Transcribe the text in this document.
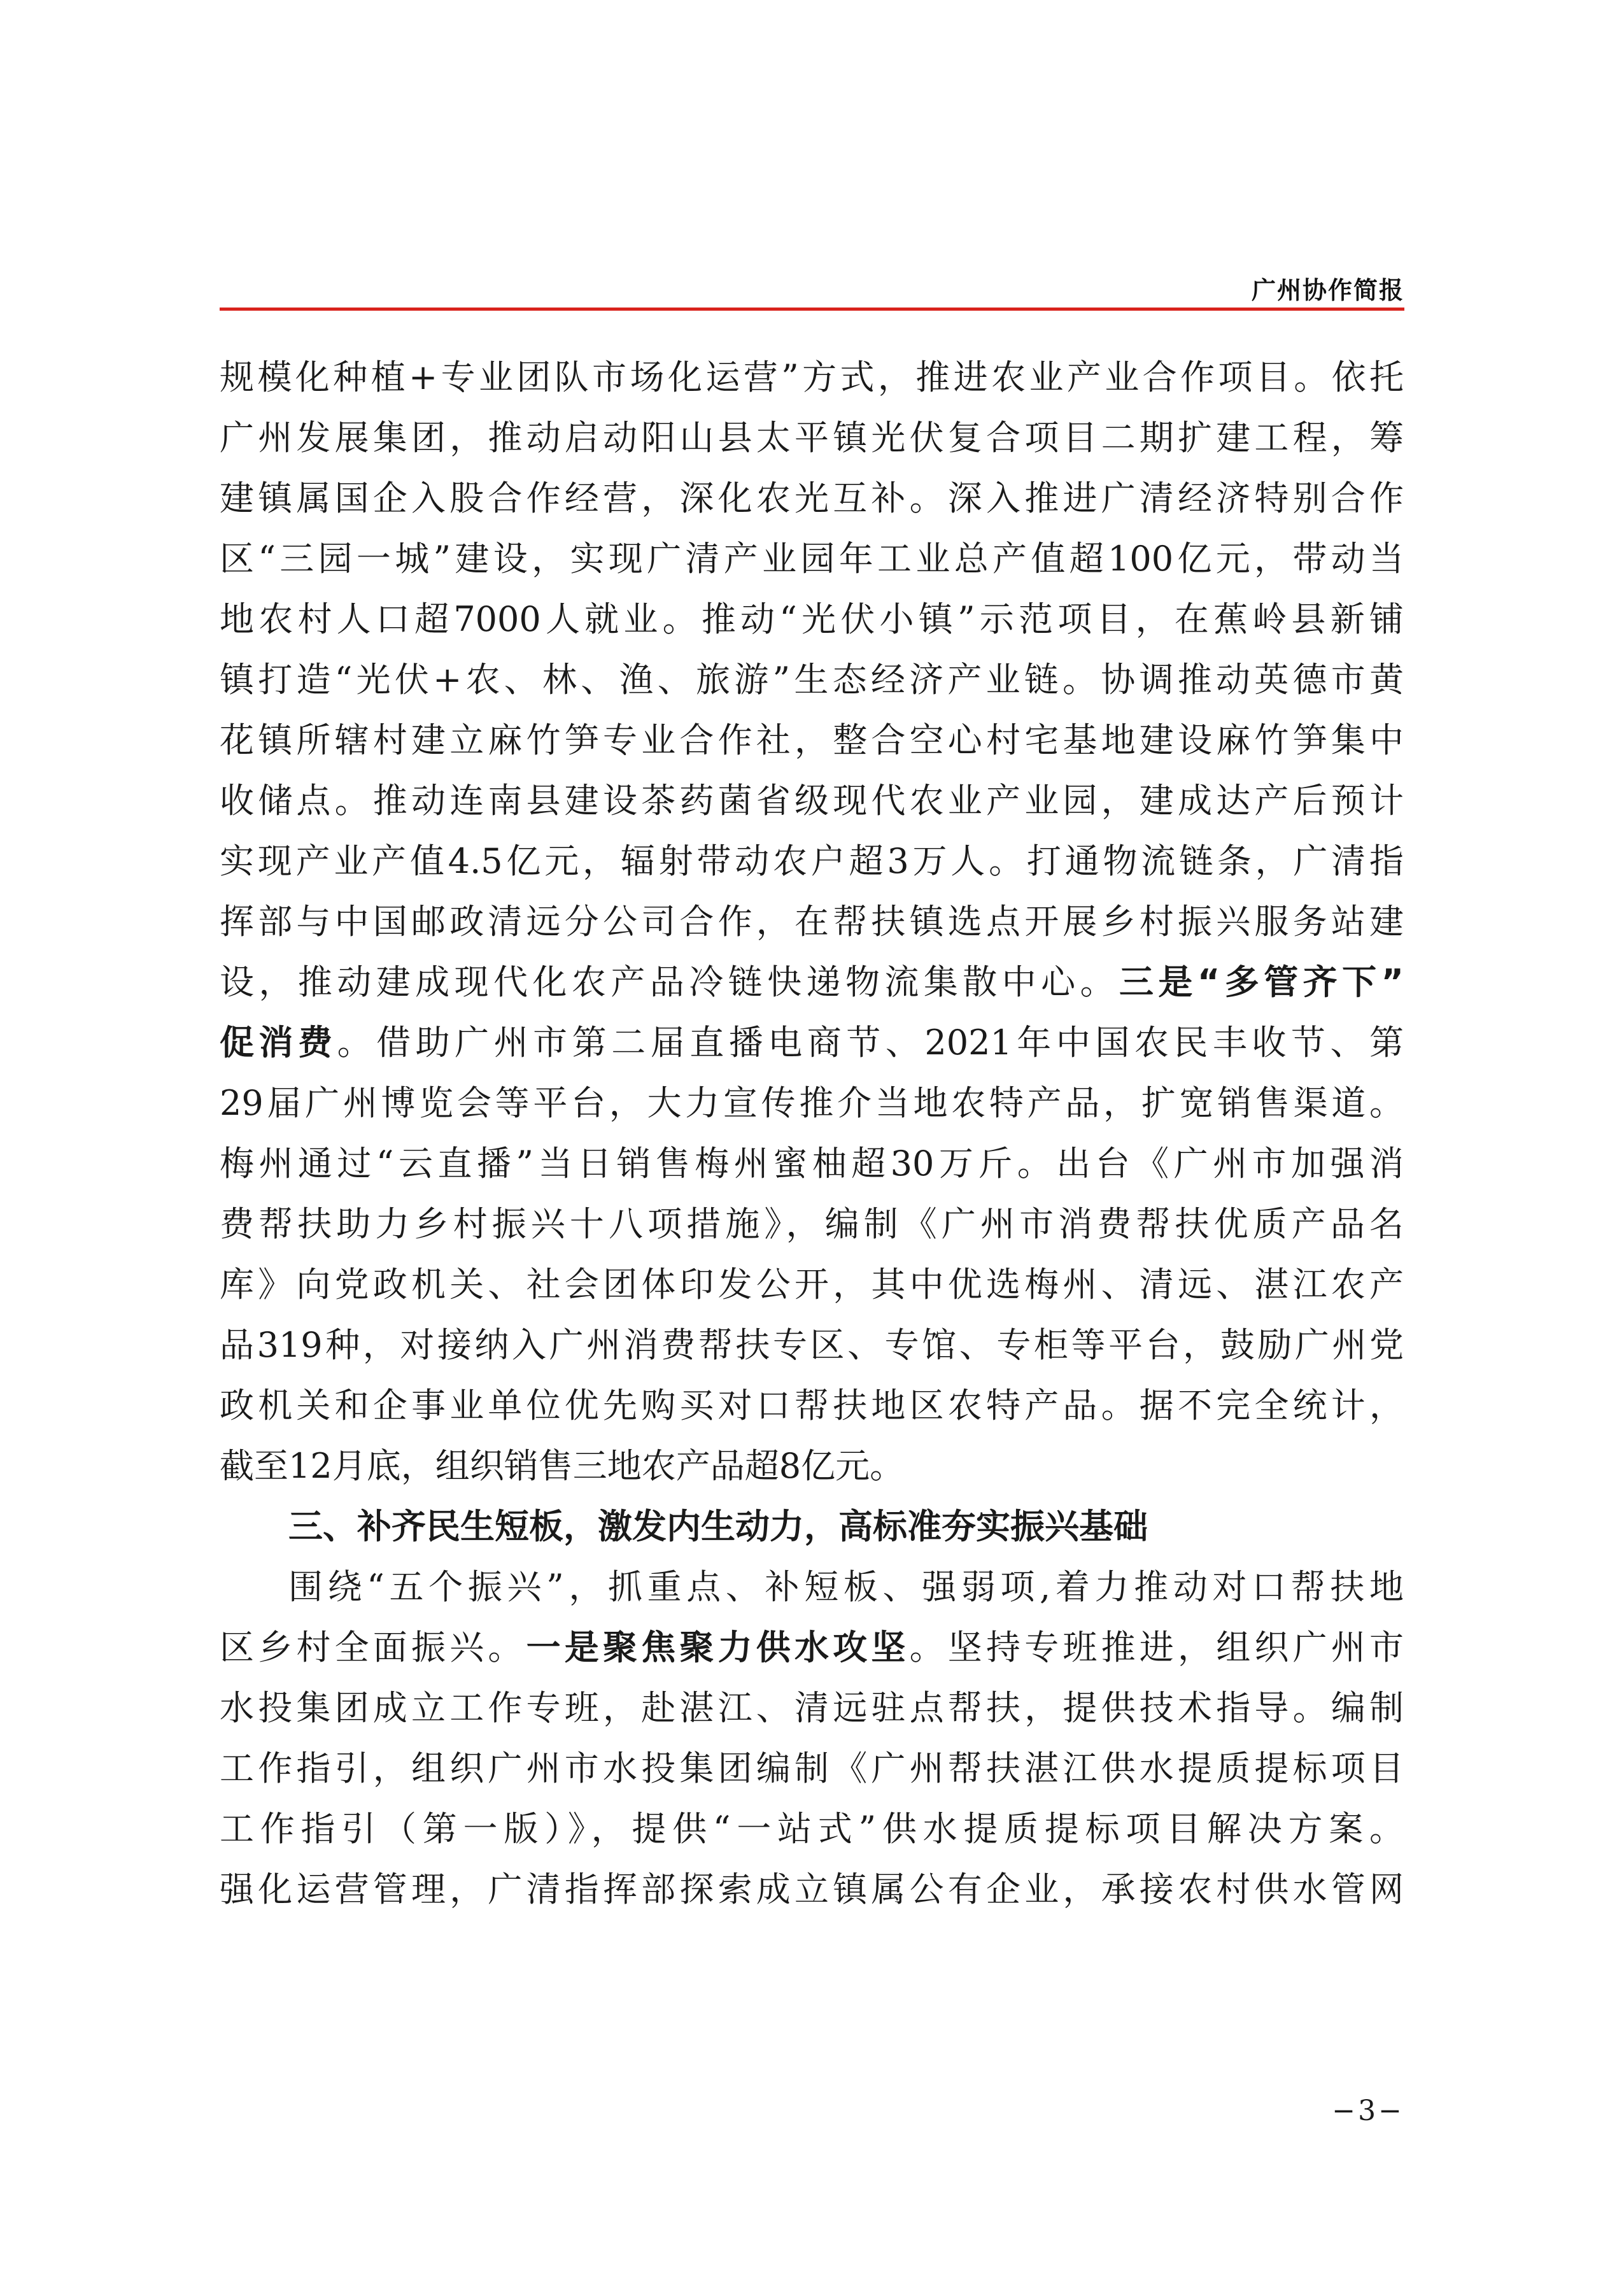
广州协作简报
规模化种植+专业团队市场化运营”方式，推进农业产业合作项目。依托
广州发展集团，推动启动阳山县太平镇光伏复合项目二期扩建工程，筹
建镇属国企入股合作经营，深化农光互补。深入推进广清经济特别合作
区“三园一城”建设，实现广清产业园年工业总产值超100亿元，带动当
地农村人口超7000人就业。推动“光伏小镇”示范项目，在蕉岭县新铺
镇打造“光伏+农、林、渔、旅游”生态经济产业链。协调推动英德市黄
花镇所辖村建立麻竹笋专业合作社，整合空心村宅基地建设麻竹笋集中
收储点。推动连南县建设茶药菌省级现代农业产业园，建成达产后预计
实现产业产值4.5亿元，辐射带动农户超3万人。打通物流链条，广清指
挥部与中国邮政清远分公司合作，在帮扶镇选点开展乡村振兴服务站建
设，推动建成现代化农产品冷链快递物流集散中心。三是“多管齐下”
促消费。借助广州市第二届直播电商节、2021年中国农民丰收节、第
29届广州博览会等平台，大力宣传推介当地农特产品，扩宽销售渠道。
梅州通过“云直播”当日销售梅州蜜柚超30万斤。出台《广州市加强消
费帮扶助力乡村振兴十八项措施》，编制《广州市消费帮扶优质产品名
库》向党政机关、社会团体印发公开，其中优选梅州、清远、湛江农产
品319种，对接纳入广州消费帮扶专区、专馆、专柜等平台，鼓励广州党
政机关和企事业单位优先购买对口帮扶地区农特产品。据不完全统计，
截至12月底，组织销售三地农产品超8亿元。
三、补齐民生短板，激发内生动力，高标准夯实振兴基础
围绕“五个振兴”，抓重点、补短板、强弱项,着力推动对口帮扶地
区乡村全面振兴。一是聚焦聚力供水攻坚。坚持专班推进，组织广州市
水投集团成立工作专班，赴湛江、清远驻点帮扶，提供技术指导。编制
工作指引，组织广州市水投集团编制《广州帮扶湛江供水提质提标项目
工作指引（第一版）》，提供“一站式”供水提质提标项目解决方案。
强化运营管理，广清指挥部探索成立镇属公有企业，承接农村供水管网
−3−
